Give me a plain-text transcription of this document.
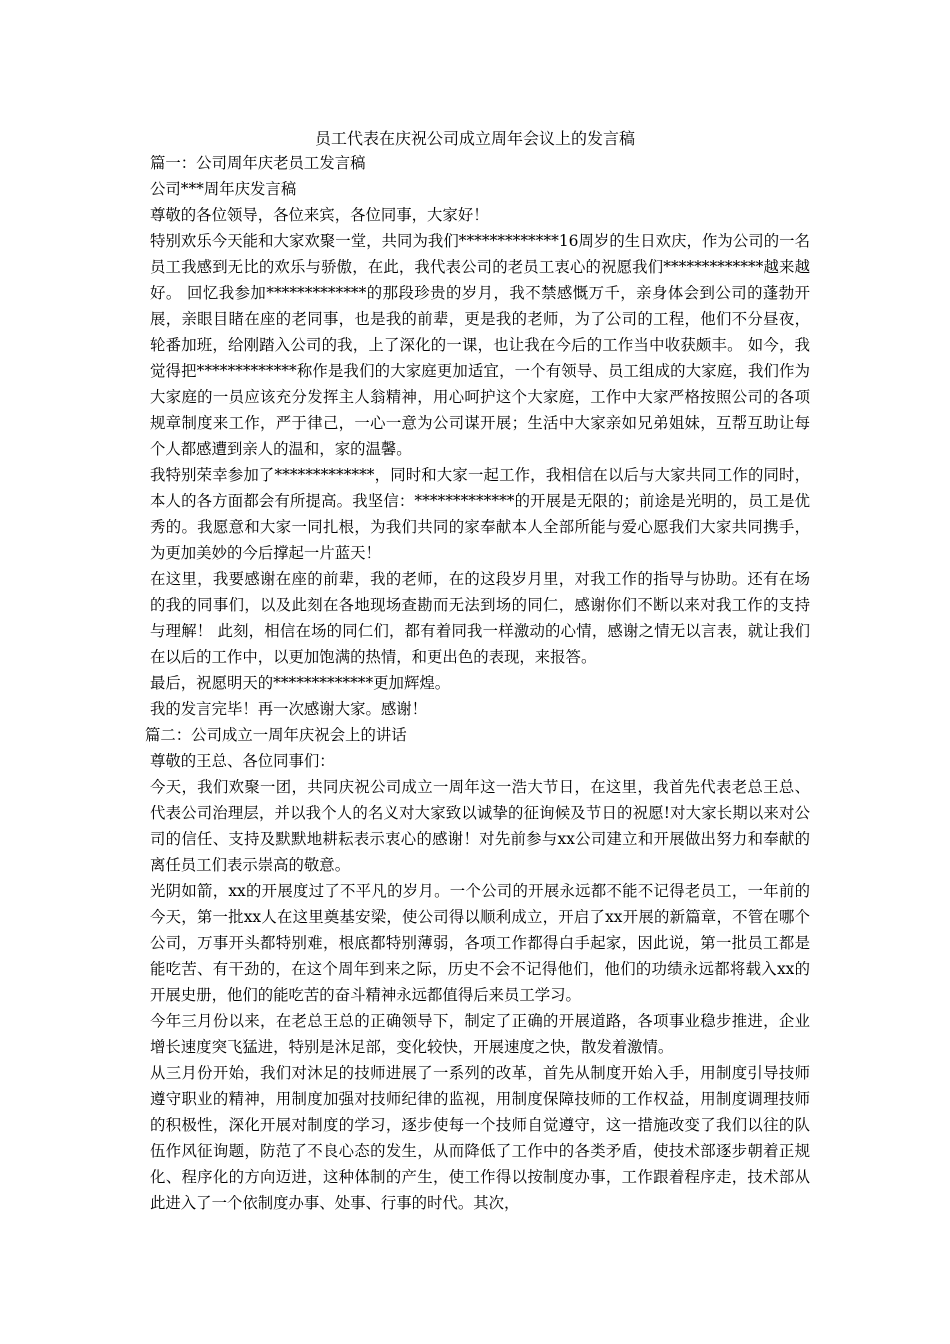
员工代表在庆祝公司成立周年会议上的发言稿

篇一：公司周年庆老员工发言稿

公司***周年庆发言稿

尊敬的各位领导，各位来宾，各位同事，大家好！

特别欢乐今天能和大家欢聚一堂，共同为我们*************16周岁的生日欢庆，作为公司的一名员工我感到无比的欢乐与骄傲，在此，我代表公司的老员工衷心的祝愿我们*************越来越好。 回忆我参加*************的那段珍贵的岁月，我不禁感慨万千，亲身体会到公司的蓬勃开展，亲眼目睹在座的老同事，也是我的前辈，更是我的老师，为了公司的工程，他们不分昼夜，轮番加班，给刚踏入公司的我，上了深化的一课，也让我在今后的工作当中收获颇丰。 如今，我觉得把*************称作是我们的大家庭更加适宜，一个有领导、员工组成的大家庭，我们作为大家庭的一员应该充分发挥主人翁精神，用心呵护这个大家庭，工作中大家严格按照公司的各项规章制度来工作，严于律己，一心一意为公司谋开展；生活中大家亲如兄弟姐妹，互帮互助让每个人都感遭到亲人的温和，家的温馨。

我特别荣幸参加了*************，同时和大家一起工作，我相信在以后与大家共同工作的同时，本人的各方面都会有所提高。我坚信：*************的开展是无限的；前途是光明的，员工是优秀的。我愿意和大家一同扎根，为我们共同的家奉献本人全部所能与爱心愿我们大家共同携手，为更加美妙的今后撑起一片蓝天！

在这里，我要感谢在座的前辈，我的老师，在的这段岁月里，对我工作的指导与协助。还有在场的我的同事们，以及此刻在各地现场查勘而无法到场的同仁，感谢你们不断以来对我工作的支持与理解！ 此刻，相信在场的同仁们，都有着同我一样激动的心情，感谢之情无以言表，就让我们在以后的工作中，以更加饱满的热情，和更出色的表现，来报答。

最后，祝愿明天的*************更加辉煌。

我的发言完毕！再一次感谢大家。感谢！

篇二：公司成立一周年庆祝会上的讲话

尊敬的王总、各位同事们：

今天，我们欢聚一团，共同庆祝公司成立一周年这一浩大节日，在这里，我首先代表老总王总、代表公司治理层，并以我个人的名义对大家致以诚挚的征询候及节日的祝愿!对大家长期以来对公司的信任、支持及默默地耕耘表示衷心的感谢！对先前参与xx公司建立和开展做出努力和奉献的离任员工们表示崇高的敬意。

光阴如箭，xx的开展度过了不平凡的岁月。一个公司的开展永远都不能不记得老员工，一年前的今天，第一批xx人在这里奠基安梁，使公司得以顺利成立，开启了xx开展的新篇章，不管在哪个公司，万事开头都特别难，根底都特别薄弱，各项工作都得白手起家，因此说，第一批员工都是能吃苦、有干劲的，在这个周年到来之际，历史不会不记得他们，他们的功绩永远都将载入xx的开展史册，他们的能吃苦的奋斗精神永远都值得后来员工学习。

今年三月份以来，在老总王总的正确领导下，制定了正确的开展道路，各项事业稳步推进，企业增长速度突飞猛进，特别是沐足部，变化较快，开展速度之快，散发着激情。

从三月份开始，我们对沐足的技师进展了一系列的改革，首先从制度开始入手，用制度引导技师遵守职业的精神，用制度加强对技师纪律的监视，用制度保障技师的工作权益，用制度调理技师的积极性，深化开展对制度的学习，逐步使每一个技师自觉遵守，这一措施改变了我们以往的队伍作风征询题，防范了不良心态的发生，从而降低了工作中的各类矛盾，使技术部逐步朝着正规化、程序化的方向迈进，这种体制的产生，使工作得以按制度办事，工作跟着程序走，技术部从此进入了一个依制度办事、处事、行事的时代。其次，
